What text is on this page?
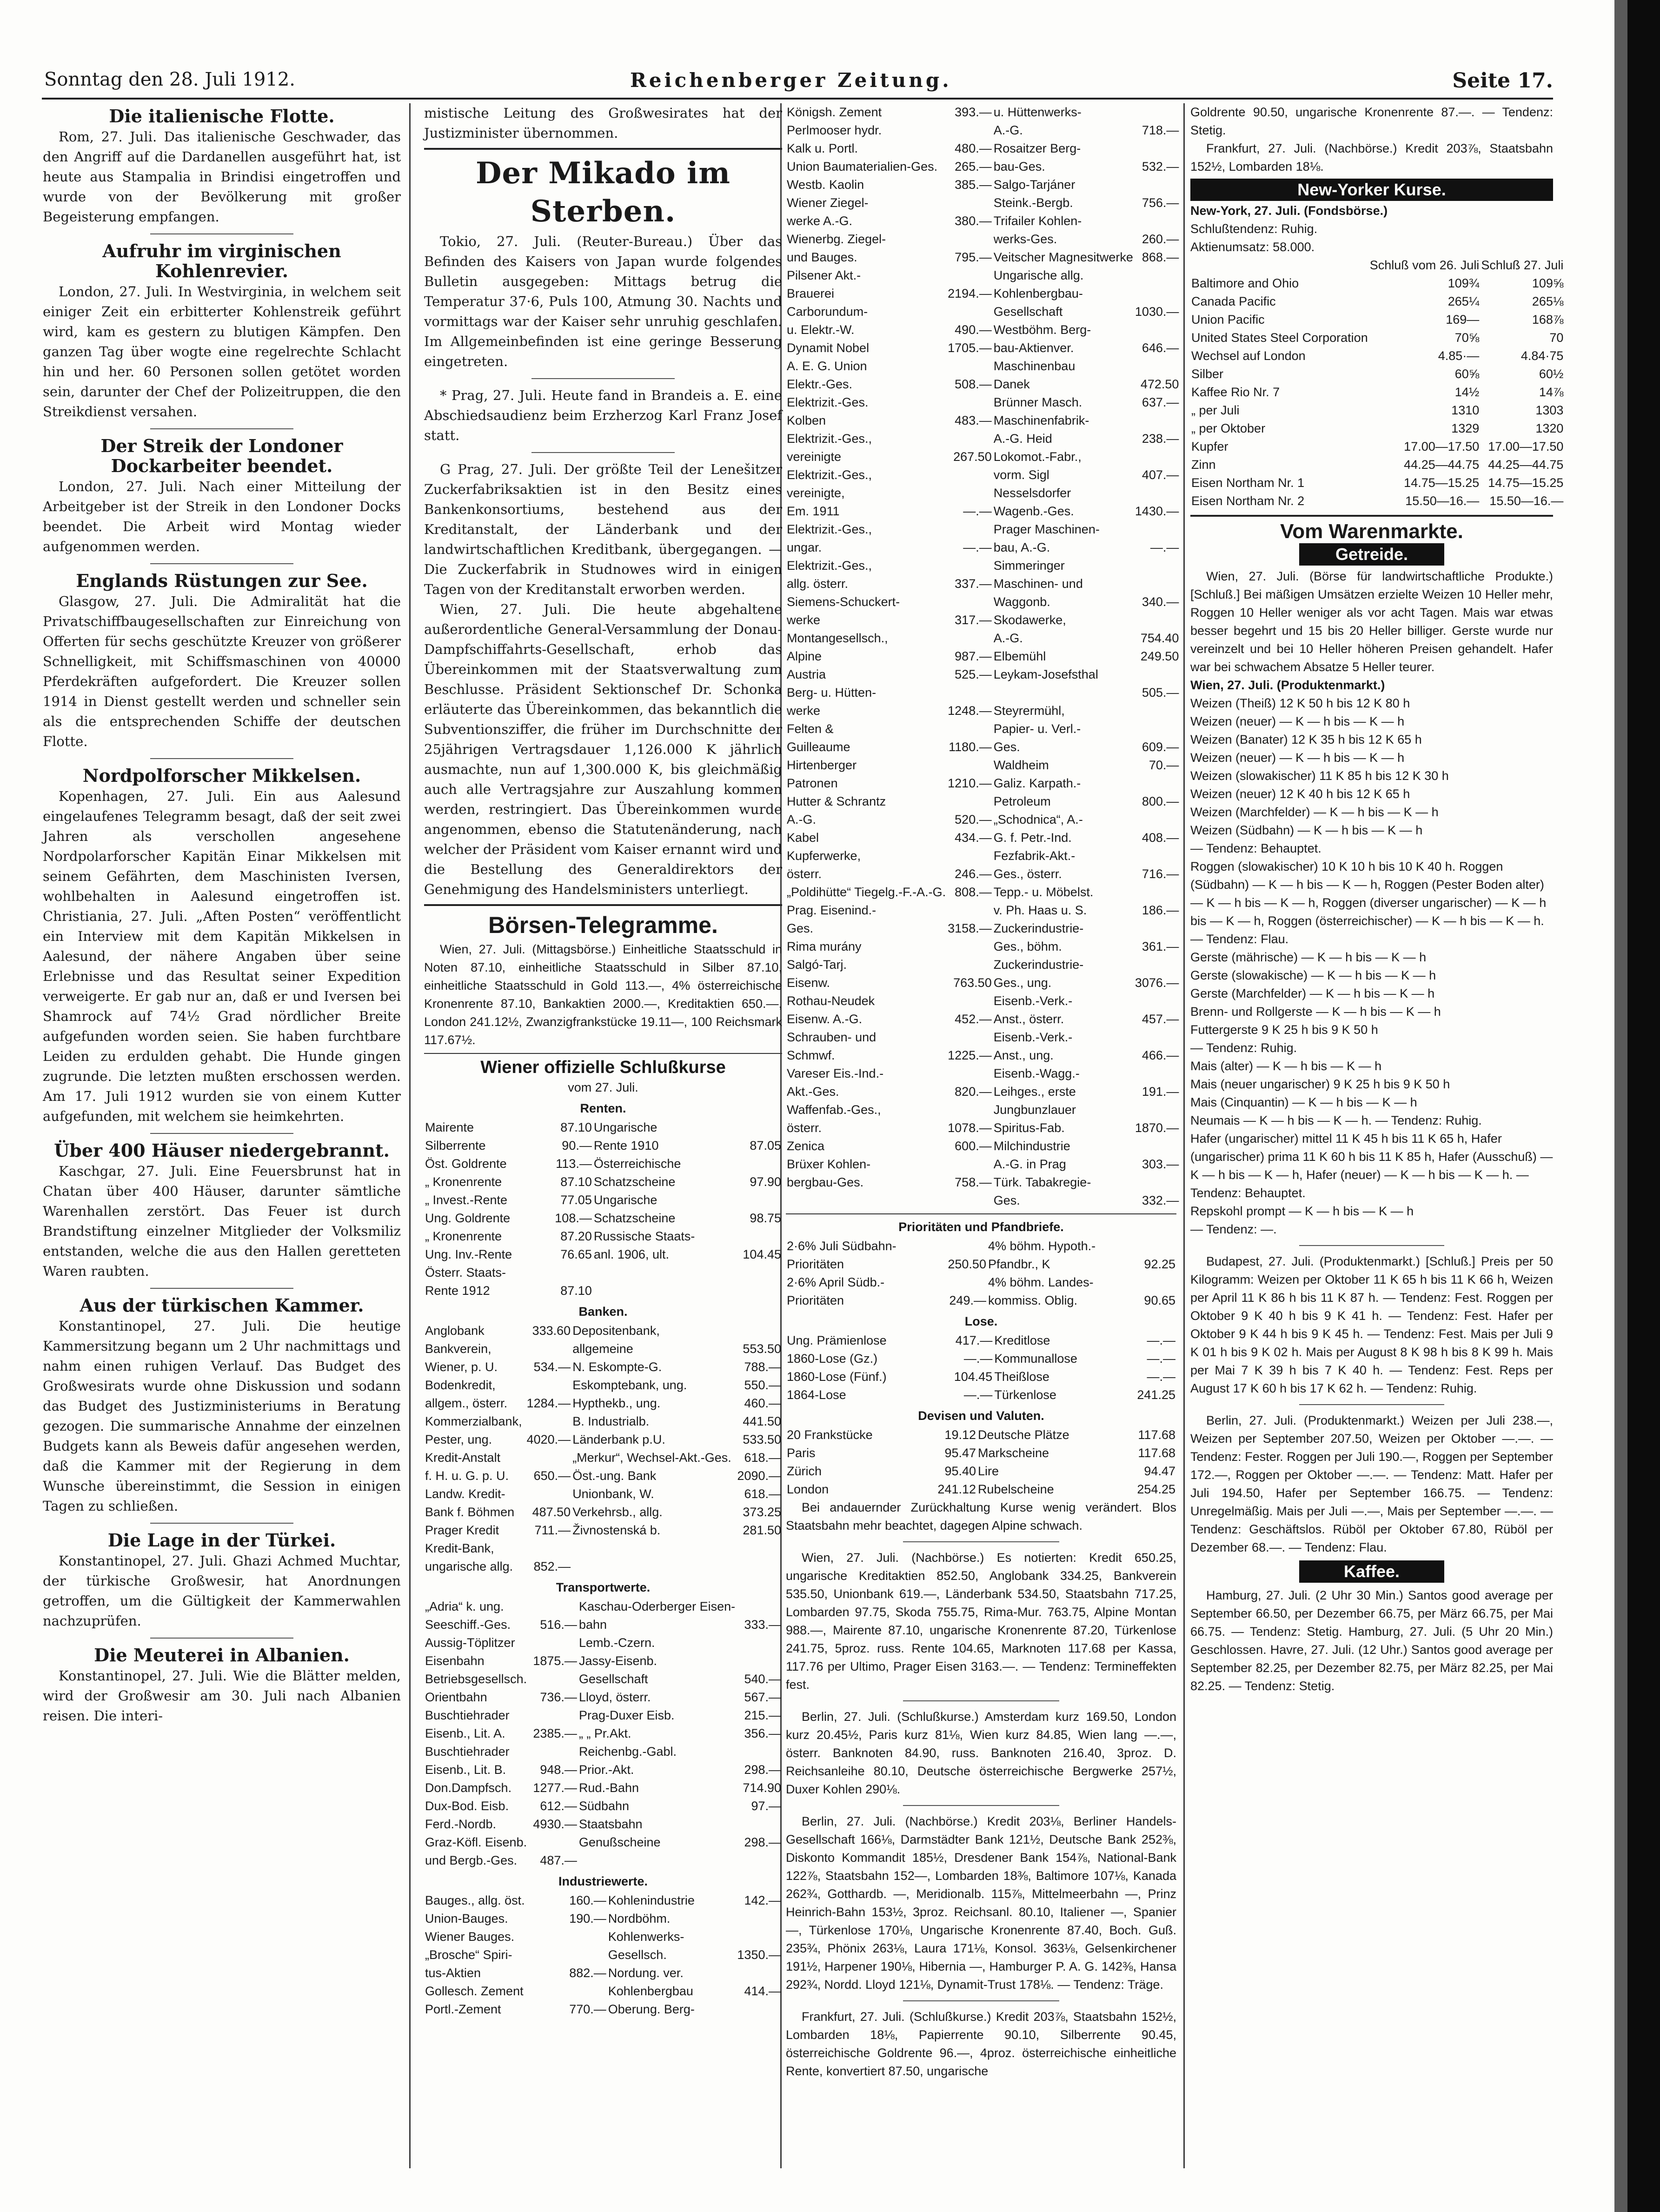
Sonntag den 28. Juli 1912.	Reichenberger Zeitung.	Seite 17.
Die italienische Flotte.

Rom, 27. Juli. Das italienische Geschwader, das den Angriff auf die Dardanellen ausgeführt hat, ist heute aus Stampalia in Brindisi eingetroffen und wurde von der Bevölkerung mit großer Begeisterung empfangen.

Aufruhr im virginischen Kohlenrevier.

London, 27. Juli. In Westvirginia, in welchem seit einiger Zeit ein erbitterter Kohlenstreik geführt wird, kam es gestern zu blutigen Kämpfen. Den ganzen Tag über wogte eine regelrechte Schlacht hin und her. 60 Personen sollen getötet worden sein, darunter der Chef der Polizeitruppen, die den Streikdienst versahen.

Der Streik der Londoner Dockarbeiter beendet.

London, 27. Juli. Nach einer Mitteilung der Arbeitgeber ist der Streik in den Londoner Docks beendet. Die Arbeit wird Montag wieder aufgenommen werden.

Englands Rüstungen zur See.

Glasgow, 27. Juli. Die Admiralität hat die Privatschiffbaugesellschaften zur Einreichung von Offerten für sechs geschützte Kreuzer von größerer Schnelligkeit, mit Schiffsmaschinen von 40000 Pferdekräften aufgefordert. Die Kreuzer sollen 1914 in Dienst gestellt werden und schneller sein als die entsprechenden Schiffe der deutschen Flotte.

Nordpolforscher Mikkelsen.

Kopenhagen, 27. Juli. Ein aus Aalesund eingelaufenes Telegramm besagt, daß der seit zwei Jahren als verschollen angesehene Nordpolarforscher Kapitän Einar Mikkelsen mit seinem Gefährten, dem Maschinisten Iversen, wohlbehalten in Aalesund eingetroffen ist. Christiania, 27. Juli. „Aften Posten“ veröffentlicht ein Interview mit dem Kapitän Mikkelsen in Aalesund, der nähere Angaben über seine Erlebnisse und das Resultat seiner Expedition verweigerte. Er gab nur an, daß er und Iversen bei Shamrock auf 74½ Grad nördlicher Breite aufgefunden worden seien. Sie haben furchtbare Leiden zu erdulden gehabt. Die Hunde gingen zugrunde. Die letzten mußten erschossen werden. Am 17. Juli 1912 wurden sie von einem Kutter aufgefunden, mit welchem sie heimkehrten.

Über 400 Häuser niedergebrannt.

Kaschgar, 27. Juli. Eine Feuersbrunst hat in Chatan über 400 Häuser, darunter sämtliche Warenhallen zerstört. Das Feuer ist durch Brandstiftung einzelner Mitglieder der Volksmiliz entstanden, welche die aus den Hallen geretteten Waren raubten.

Aus der türkischen Kammer.

Konstantinopel, 27. Juli. Die heutige Kammersitzung begann um 2 Uhr nachmittags und nahm einen ruhigen Verlauf. Das Budget des Großwesirats wurde ohne Diskussion und sodann das Budget des Justizministeriums in Beratung gezogen. Die summarische Annahme der einzelnen Budgets kann als Beweis dafür angesehen werden, daß die Kammer mit der Regierung in dem Wunsche übereinstimmt, die Session in einigen Tagen zu schließen.

Die Lage in der Türkei.

Konstantinopel, 27. Juli. Ghazi Achmed Muchtar, der türkische Großwesir, hat Anordnungen getroffen, um die Gültigkeit der Kammerwahlen nachzuprüfen.

Die Meuterei in Albanien.

Konstantinopel, 27. Juli. Wie die Blätter melden, wird der Großwesir am 30. Juli nach Albanien reisen. Die interi-

mistische Leitung des Großwesirates hat der Justizminister übernommen.

Der Mikado im Sterben.

Tokio, 27. Juli. (Reuter-Bureau.) Über das Befinden des Kaisers von Japan wurde folgendes Bulletin ausgegeben: Mittags betrug die Temperatur 37·6, Puls 100, Atmung 30. Nachts und vormittags war der Kaiser sehr unruhig geschlafen. Im Allgemeinbefinden ist eine geringe Besserung eingetreten.

* Prag, 27. Juli. Heute fand in Brandeis a. E. eine Abschiedsaudienz beim Erzherzog Karl Franz Josef statt.

G Prag, 27. Juli. Der größte Teil der Lenešitzer Zuckerfabriksaktien ist in den Besitz eines Bankenkonsortiums, bestehend aus der Kreditanstalt, der Länderbank und der landwirtschaftlichen Kreditbank, übergegangen. — Die Zuckerfabrik in Studnowes wird in einigen Tagen von der Kreditanstalt erworben werden.

Wien, 27. Juli. Die heute abgehaltene außerordentliche General-Versammlung der Donau-Dampfschiffahrts-Gesellschaft, erhob das Übereinkommen mit der Staatsverwaltung zum Beschlusse. Präsident Sektionschef Dr. Schonka erläuterte das Übereinkommen, das bekanntlich die Subventionsziffer, die früher im Durchschnitte der 25jährigen Vertragsdauer 1,126.000 K jährlich ausmachte, nun auf 1,300.000 K, bis gleichmäßig auch alle Vertragsjahre zur Auszahlung kommen werden, restringiert. Das Übereinkommen wurde angenommen, ebenso die Statutenänderung, nach welcher der Präsident vom Kaiser ernannt wird und die Bestellung des Generaldirektors der Genehmigung des Handelsministers unterliegt.

Börsen-Telegramme.

Wien, 27. Juli. (Mittagsbörse.) Einheitliche Staatsschuld in Noten 87.10, einheitliche Staatsschuld in Silber 87.10, einheitliche Staatsschuld in Gold 113.—, 4% österreichische Kronenrente 87.10, Bankaktien 2000.—, Kreditaktien 650.—, London 241.12½, Zwanzigfrankstücke 19.11—, 100 Reichsmark 117.67½.

Wiener offizielle Schlußkurse
vom 27. Juli.
Renten.
Mairente	87.10	Ungarische	
Silberrente	90.—	Rente 1910	87.05
Öst. Goldrente	113.—	Österreichische	
„ Kronenrente	87.10	Schatzscheine	97.90
„ Invest.-Rente	77.05	Ungarische	
Ung. Goldrente	108.—	Schatzscheine	98.75
„ Kronenrente	87.20	Russische Staats-	
Ung. Inv.-Rente	76.65	anl. 1906, ult.	104.45
Österr. Staats-			
Rente 1912	87.10		
Banken.
Anglobank	333.60	Depositenbank,	
Bankverein,		allgemeine	553.50
Wiener, p. U.	534.—	N. Eskompte-G.	788.—
Bodenkredit,		Eskomptebank, ung.	550.—
allgem., österr.	1284.—	Hypthekb., ung.	460.—
Kommerzialbank,		B. Industrialb.	441.50
Pester, ung.	4020.—	Länderbank p.U.	533.50
Kredit-Anstalt		„Merkur“, Wechsel-Akt.-Ges.	618.—
f. H. u. G. p. U.	650.—	Öst.-ung. Bank	2090.—
Landw. Kredit-		Unionbank, W.	618.—
Bank f. Böhmen	487.50	Verkehrsb., allg.	373.25
Prager Kredit	711.—	Živnostenská b.	281.50
Kredit-Bank,			
ungarische allg.	852.—		
Transportwerte.
„Adria“ k. ung.		Kaschau-Oderberger Eisen-	
Seeschiff.-Ges.	516.—	bahn	333.—
Aussig-Töplitzer		Lemb.-Czern.	
Eisenbahn	1875.—	Jassy-Eisenb.	
Betriebsgesellsch.		Gesellschaft	540.—
Orientbahn	736.—	Lloyd, österr.	567.—
Buschtiehrader		Prag-Duxer Eisb.	215.—
Eisenb., Lit. A.	2385.—	„ „ Pr.Akt.	356.—
Buschtiehrader		Reichenbg.-Gabl.	
Eisenb., Lit. B.	948.—	Prior.-Akt.	298.—
Don.Dampfsch.	1277.—	Rud.-Bahn	714.90
Dux-Bod. Eisb.	612.—	Südbahn	97.—
Ferd.-Nordb.	4930.—	Staatsbahn	
Graz-Köfl. Eisenb.		Genußscheine	298.—
und Bergb.-Ges.	487.—		
Industriewerte.
Bauges., allg. öst.	160.—	Kohlenindustrie	142.—
Union-Bauges.	190.—	Nordböhm.	
Wiener Bauges.		Kohlenwerks-	
„Brosche“ Spiri-		Gesellsch.	1350.—
tus-Aktien	882.—	Nordung. ver.	
Gollesch. Zement		Kohlenbergbau	414.—
Portl.-Zement	770.—	Oberung. Berg-	
Königsh. Zement	393.—	u. Hüttenwerks-	
Perlmooser hydr.		A.-G.	718.—
Kalk u. Portl.	480.—	Rosaitzer Berg-	
Union Baumaterialien-Ges.	265.—	bau-Ges.	532.—
Westb. Kaolin	385.—	Salgo-Tarjáner	
Wiener Ziegel-		Steink.-Bergb.	756.—
werke A.-G.	380.—	Trifailer Kohlen-	
Wienerbg. Ziegel-		werks-Ges.	260.—
und Bauges.	795.—	Veitscher Magnesitwerke	868.—
Pilsener Akt.-		Ungarische allg.	
Brauerei	2194.—	Kohlenbergbau-	
Carborundum-		Gesellschaft	1030.—
u. Elektr.-W.	490.—	Westböhm. Berg-	
Dynamit Nobel	1705.—	bau-Aktienver.	646.—
A. E. G. Union		Maschinenbau	
Elektr.-Ges.	508.—	Danek	472.50
Elektrizit.-Ges.		Brünner Masch.	637.—
Kolben	483.—	Maschinenfabrik-	
Elektrizit.-Ges.,		A.-G. Heid	238.—
vereinigte	267.50	Lokomot.-Fabr.,	
Elektrizit.-Ges.,		vorm. Sigl	407.—
vereinigte,		Nesselsdorfer	
Em. 1911	—.—	Wagenb.-Ges.	1430.—
Elektrizit.-Ges.,		Prager Maschinen-	
ungar.	—.—	bau, A.-G.	—.—
Elektrizit.-Ges.,		Simmeringer	
allg. österr.	337.—	Maschinen- und	
Siemens-Schuckert-		Waggonb.	340.—
werke	317.—	Skodawerke,	
Montangesellsch.,		A.-G.	754.40
Alpine	987.—	Elbemühl	249.50
Austria	525.—	Leykam-Josefsthal	
Berg- u. Hütten-			505.—
werke	1248.—	Steyrermühl,	
Felten &		Papier- u. Verl.-	
Guilleaume	1180.—	Ges.	609.—
Hirtenberger		Waldheim	70.—
Patronen	1210.—	Galiz. Karpath.-	
Hutter & Schrantz		Petroleum	800.—
A.-G.	520.—	„Schodnica“, A.-	
Kabel	434.—	G. f. Petr.-Ind.	408.—
Kupferwerke,		Fezfabrik-Akt.-	
österr.	246.—	Ges., österr.	716.—
„Poldihütte“ Tiegelg.-F.-A.-G.	808.—	Tepp.- u. Möbelst.	
Prag. Eisenind.-		v. Ph. Haas u. S.	186.—
Ges.	3158.—	Zuckerindustrie-	
Rima murány		Ges., böhm.	361.—
Salgó-Tarj.		Zuckerindustrie-	
Eisenw.	763.50	Ges., ung.	3076.—
Rothau-Neudek		Eisenb.-Verk.-	
Eisenw. A.-G.	452.—	Anst., österr.	457.—
Schrauben- und		Eisenb.-Verk.-	
Schmwf.	1225.—	Anst., ung.	466.—
Vareser Eis.-Ind.-		Eisenb.-Wagg.-	
Akt.-Ges.	820.—	Leihges., erste	191.—
Waffenfab.-Ges.,		Jungbunzlauer	
österr.	1078.—	Spiritus-Fab.	1870.—
Zenica	600.—	Milchindustrie	
Brüxer Kohlen-		A.-G. in Prag	303.—
bergbau-Ges.	758.—	Türk. Tabakregie-	
		Ges.	332.—
Prioritäten und Pfandbriefe.
2·6% Juli Südbahn-		4% böhm. Hypoth.-	
Prioritäten	250.50	Pfandbr., K	92.25
2·6% April Südb.-		4% böhm. Landes-	
Prioritäten	249.—	kommiss. Oblig.	90.65
Lose.
Ung. Prämienlose	417.—	Kreditlose	—.—
1860-Lose (Gz.)	—.—	Kommunallose	—.—
1860-Lose (Fünf.)	104.45	Theißlose	—.—
1864-Lose	—.—	Türkenlose	241.25
Devisen und Valuten.
20 Frankstücke	19.12	Deutsche Plätze	117.68
Paris	95.47	Markscheine	117.68
Zürich	95.40	Lire	94.47
London	241.12	Rubelscheine	254.25

Bei andauernder Zurückhaltung Kurse wenig verändert. Blos Staatsbahn mehr beachtet, dagegen Alpine schwach.

Wien, 27. Juli. (Nachbörse.) Es notierten: Kredit 650.25, ungarische Kreditaktien 852.50, Anglobank 334.25, Bankverein 535.50, Unionbank 619.—, Länderbank 534.50, Staatsbahn 717.25, Lombarden 97.75, Skoda 755.75, Rima-Mur. 763.75, Alpine Montan 988.—, Mairente 87.10, ungarische Kronenrente 87.20, Türkenlose 241.75, 5proz. russ. Rente 104.65, Marknoten 117.68 per Kassa, 117.76 per Ultimo, Prager Eisen 3163.—. — Tendenz: Termineffekten fest.

Berlin, 27. Juli. (Schlußkurse.) Amsterdam kurz 169.50, London kurz 20.45½, Paris kurz 81⅛, Wien kurz 84.85, Wien lang —.—, österr. Banknoten 84.90, russ. Banknoten 216.40, 3proz. D. Reichsanleihe 80.10, Deutsche österreichische Bergwerke 257½, Duxer Kohlen 290⅛.

Berlin, 27. Juli. (Nachbörse.) Kredit 203⅛, Berliner Handels-Gesellschaft 166⅛, Darmstädter Bank 121½, Deutsche Bank 252⅜, Diskonto Kommandit 185½, Dresdener Bank 154⅞, National-Bank 122⅞, Staatsbahn 152—, Lombarden 18⅜, Baltimore 107⅛, Kanada 262¾, Gotthardb. —, Meridionalb. 115⅞, Mittelmeerbahn —, Prinz Heinrich-Bahn 153½, 3proz. Reichsanl. 80.10, Italiener —, Spanier —, Türkenlose 170⅛, Ungarische Kronenrente 87.40, Boch. Guß. 235¾, Phönix 263⅛, Laura 171⅛, Konsol. 363⅛, Gelsenkirchener 191½, Harpener 190⅛, Hibernia —, Hamburger P. A. G. 142⅜, Hansa 292¾, Nordd. Lloyd 121⅛, Dynamit-Trust 178⅛. — Tendenz: Träge.

Frankfurt, 27. Juli. (Schlußkurse.) Kredit 203⅞, Staatsbahn 152½, Lombarden 18⅛, Papierrente 90.10, Silberrente 90.45, österreichische Goldrente 96.—, 4proz. österreichische einheitliche Rente, konvertiert 87.50, ungarische

Goldrente 90.50, ungarische Kronenrente 87.—. — Tendenz: Stetig.

Frankfurt, 27. Juli. (Nachbörse.) Kredit 203⅞, Staatsbahn 152½, Lombarden 18⅛.

New-Yorker Kurse.
New-York, 27. Juli. (Fondsbörse.)
Schlußtendenz: Ruhig.
Aktienumsatz: 58.000.
	Schluß vom 26. Juli	Schluß 27. Juli
Baltimore and Ohio	109¾	109⅝
Canada Pacific	265¼	265⅛
Union Pacific	169—	168⅞
United States Steel Corporation	70⅝	70
Wechsel auf London	4.85·—	4.84·75
Silber	60⅝	60½
Kaffee Rio Nr. 7	14½	14⅞
„ per Juli	1310	1303
„ per Oktober	1329	1320
Kupfer	17.00—17.50	17.00—17.50
Zinn	44.25—44.75	44.25—44.75
Eisen Northam Nr. 1	14.75—15.25	14.75—15.25
Eisen Northam Nr. 2	15.50—16.—	15.50—16.—
Vom Warenmarkte.
Getreide.

Wien, 27. Juli. (Börse für landwirtschaftliche Produkte.) [Schluß.] Bei mäßigen Umsätzen erzielte Weizen 10 Heller mehr, Roggen 10 Heller weniger als vor acht Tagen. Mais war etwas besser begehrt und 15 bis 20 Heller billiger. Gerste wurde nur vereinzelt und bei 10 Heller höheren Preisen gehandelt. Hafer war bei schwachem Absatze 5 Heller teurer.

Wien, 27. Juli. (Produktenmarkt.)
Weizen (Theiß) 12 K 50 h bis 12 K 80 h
Weizen (neuer) — K — h bis — K — h
Weizen (Banater) 12 K 35 h bis 12 K 65 h
Weizen (neuer) — K — h bis — K — h
Weizen (slowakischer) 11 K 85 h bis 12 K 30 h
Weizen (neuer) 12 K 40 h bis 12 K 65 h
Weizen (Marchfelder) — K — h bis — K — h
Weizen (Südbahn) — K — h bis — K — h
— Tendenz: Behauptet.
Roggen (slowakischer) 10 K 10 h bis 10 K 40 h. Roggen (Südbahn) — K — h bis — K — h, Roggen (Pester Boden alter) — K — h bis — K — h, Roggen (diverser ungarischer) — K — h bis — K — h, Roggen (österreichischer) — K — h bis — K — h. — Tendenz: Flau.
Gerste (mährische) — K — h bis — K — h
Gerste (slowakische) — K — h bis — K — h
Gerste (Marchfelder) — K — h bis — K — h
Brenn- und Rollgerste — K — h bis — K — h
Futtergerste 9 K 25 h bis 9 K 50 h
— Tendenz: Ruhig.
Mais (alter) — K — h bis — K — h
Mais (neuer ungarischer) 9 K 25 h bis 9 K 50 h
Mais (Cinquantin) — K — h bis — K — h
Neumais — K — h bis — K — h. — Tendenz: Ruhig.
Hafer (ungarischer) mittel 11 K 45 h bis 11 K 65 h, Hafer (ungarischer) prima 11 K 60 h bis 11 K 85 h, Hafer (Ausschuß) — K — h bis — K — h, Hafer (neuer) — K — h bis — K — h. — Tendenz: Behauptet.
Repskohl prompt — K — h bis — K — h
— Tendenz: —.

Budapest, 27. Juli. (Produktenmarkt.) [Schluß.] Preis per 50 Kilogramm: Weizen per Oktober 11 K 65 h bis 11 K 66 h, Weizen per April 11 K 86 h bis 11 K 87 h. — Tendenz: Fest. Roggen per Oktober 9 K 40 h bis 9 K 41 h. — Tendenz: Fest. Hafer per Oktober 9 K 44 h bis 9 K 45 h. — Tendenz: Fest. Mais per Juli 9 K 01 h bis 9 K 02 h. Mais per August 8 K 98 h bis 8 K 99 h. Mais per Mai 7 K 39 h bis 7 K 40 h. — Tendenz: Fest. Reps per August 17 K 60 h bis 17 K 62 h. — Tendenz: Ruhig.

Berlin, 27. Juli. (Produktenmarkt.) Weizen per Juli 238.—, Weizen per September 207.50, Weizen per Oktober —.—. — Tendenz: Fester. Roggen per Juli 190.—, Roggen per September 172.—, Roggen per Oktober —.—. — Tendenz: Matt. Hafer per Juli 194.50, Hafer per September 166.75. — Tendenz: Unregelmäßig. Mais per Juli —.—, Mais per September —.—. — Tendenz: Geschäftslos. Rüböl per Oktober 67.80, Rüböl per Dezember 68.—. — Tendenz: Flau.

Kaffee.

Hamburg, 27. Juli. (2 Uhr 30 Min.) Santos good average per September 66.50, per Dezember 66.75, per März 66.75, per Mai 66.75. — Tendenz: Stetig. Hamburg, 27. Juli. (5 Uhr 20 Min.) Geschlossen. Havre, 27. Juli. (12 Uhr.) Santos good average per September 82.25, per Dezember 82.75, per März 82.25, per Mai 82.25. — Tendenz: Stetig.
